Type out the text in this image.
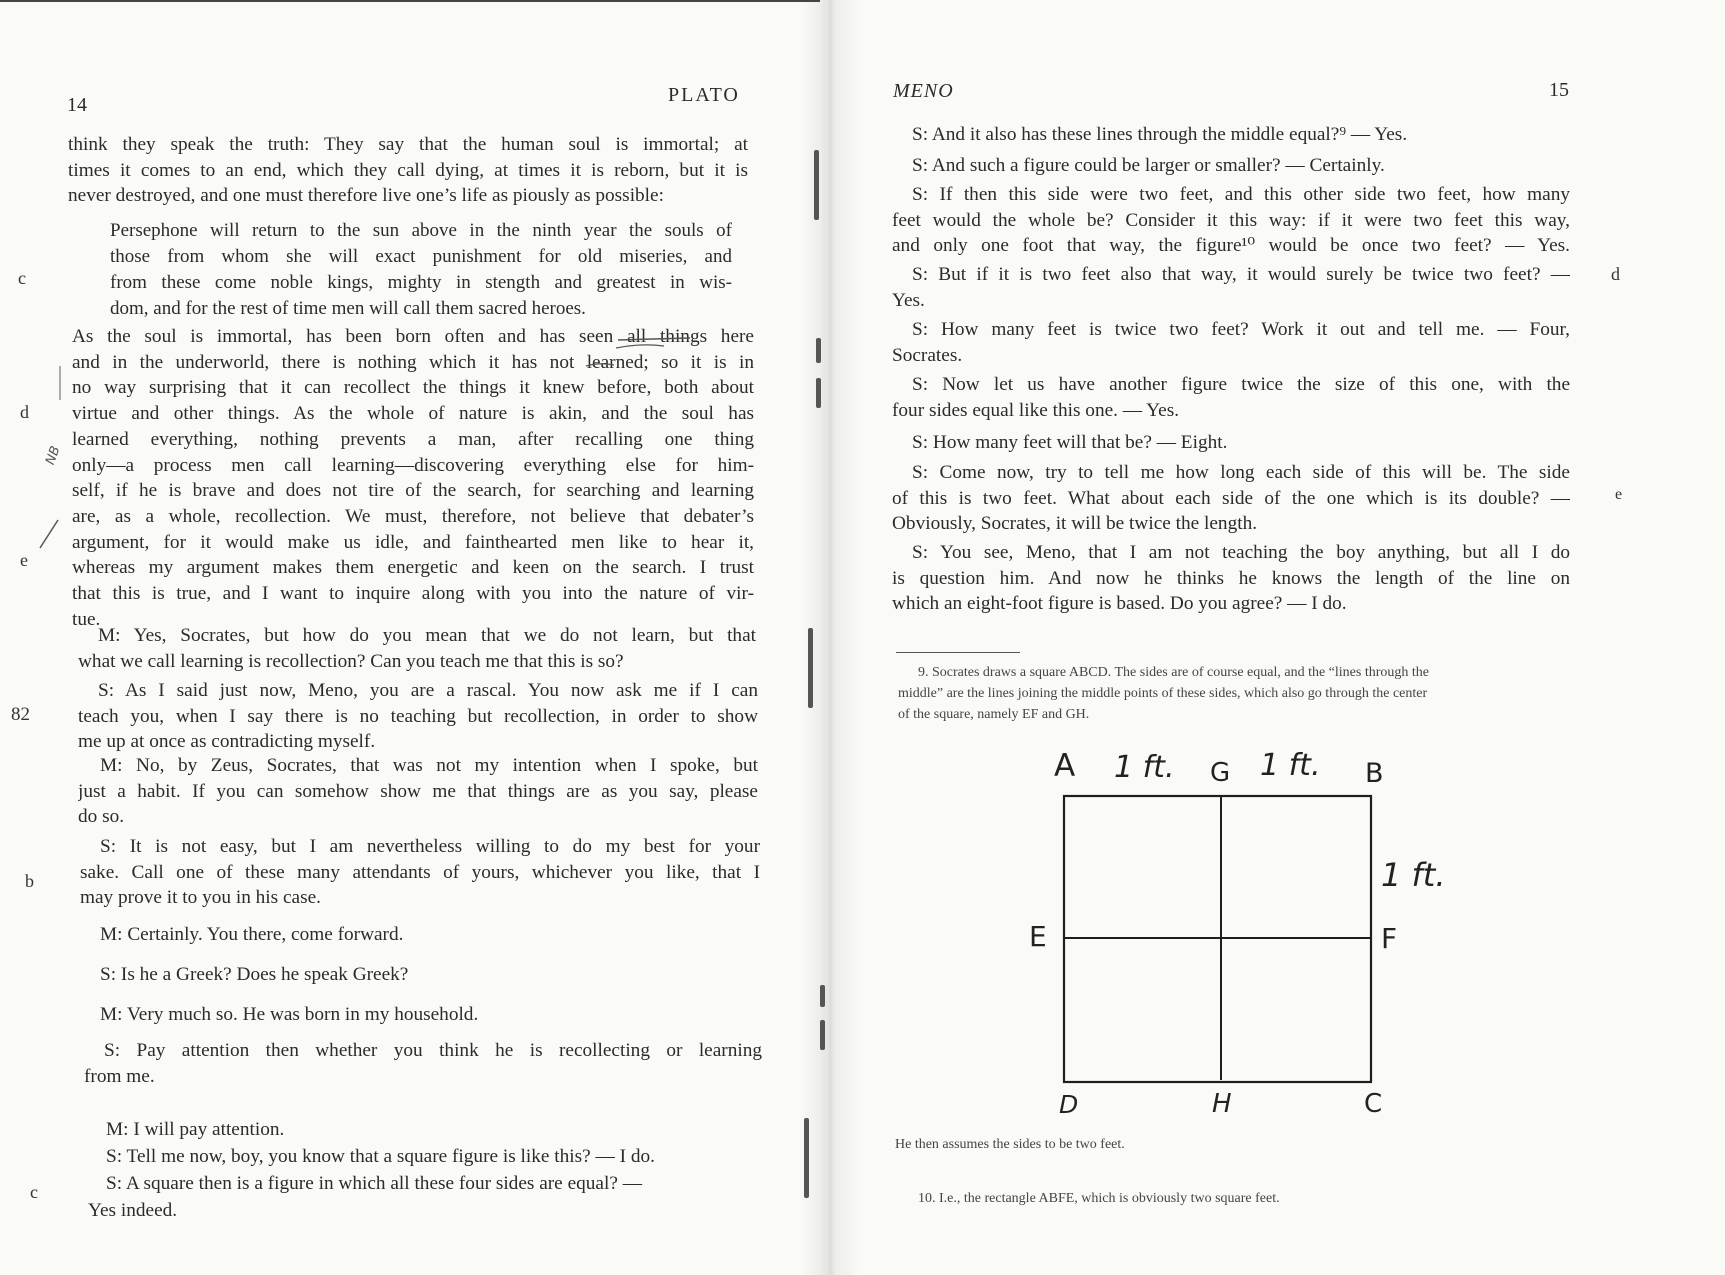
14	PLATO
think they speak the truth: They say that the human soul is immortal; at
times it comes to an end, which they call dying, at times it is reborn, but it is
never destroyed, and one must therefore live one’s life as piously as possible:
Persephone will return to the sun above in the ninth year the souls of
those from whom she will exact punishment for old miseries, and
from these come noble kings, mighty in stength and greatest in wis-
dom, and for the rest of time men will call them sacred heroes.
As the soul is immortal, has been born often and has seen all things here
and in the underworld, there is nothing which it has not learned; so it is in
no way surprising that it can recollect the things it knew before, both about
virtue and other things. As the whole of nature is akin, and the soul has
learned everything, nothing prevents a man, after recalling one thing
only—a process men call learning—discovering everything else for him-
self, if he is brave and does not tire of the search, for searching and learning
are, as a whole, recollection. We must, therefore, not believe that debater’s
argument, for it would make us idle, and fainthearted men like to hear it,
whereas my argument makes them energetic and keen on the search. I trust
that this is true, and I want to inquire along with you into the nature of vir-
tue.
M: Yes, Socrates, but how do you mean that we do not learn, but that
what we call learning is recollection? Can you teach me that this is so?
S: As I said just now, Meno, you are a rascal. You now ask me if I can
teach you, when I say there is no teaching but recollection, in order to show
me up at once as contradicting myself.
M: No, by Zeus, Socrates, that was not my intention when I spoke, but
just a habit. If you can somehow show me that things are as you say, please
do so.
S: It is not easy, but I am nevertheless willing to do my best for your
sake. Call one of these many attendants of yours, whichever you like, that I
may prove it to you in his case.
M: Certainly. You there, come forward.
S: Is he a Greek? Does he speak Greek?
M: Very much so. He was born in my household.
S: Pay attention then whether you think he is recollecting or learning
from me.
M: I will pay attention.
S: Tell me now, boy, you know that a square figure is like this? — I do.
S: A square then is a figure in which all these four sides are equal? —
Yes indeed.
c
d
e
82
b
c
NB
MENO	15
S: And it also has these lines through the middle equal?⁹ — Yes.
S: And such a figure could be larger or smaller? — Certainly.
S: If then this side were two feet, and this other side two feet, how many
feet would the whole be? Consider it this way: if it were two feet this way,
and only one foot that way, the figure¹⁰ would be once two feet? — Yes.
S: But if it is two feet also that way, it would surely be twice two feet? —
Yes.
S: How many feet is twice two feet? Work it out and tell me. — Four,
Socrates.
S: Now let us have another figure twice the size of this one, with the
four sides equal like this one. — Yes.
S: How many feet will that be? — Eight.
S: Come now, try to tell me how long each side of this will be. The side
of this is two feet. What about each side of the one which is its double? —
Obviously, Socrates, it will be twice the length.
S: You see, Meno, that I am not teaching the boy anything, but all I do
is question him. And now he thinks he knows the length of the line on
which an eight-foot figure is based. Do you agree? — I do.
d
e
9. Socrates draws a square ABCD. The sides are of course equal, and the “lines through the
middle” are the lines joining the middle points of these sides, which also go through the center
of the square, namely EF and GH.
A 1 ft. G 1 ft. B
1 ft.
E	F
D	H	C
He then assumes the sides to be two feet.
10. I.e., the rectangle ABFE, which is obviously two square feet.
